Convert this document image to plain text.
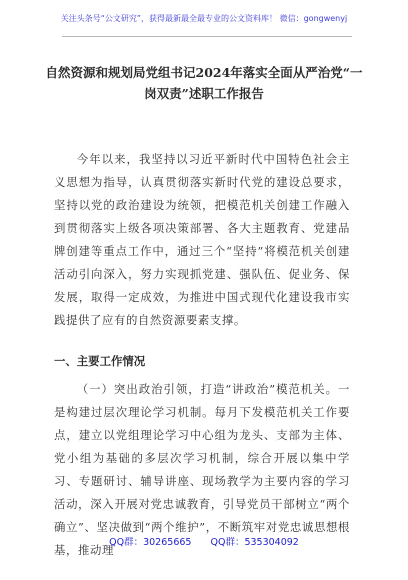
关注头条号“公文研究”，获得最新最全最专业的公文资料库！ 微信：gongwenyj
自然资源和规划局党组书记2024年落实全面从严治党“一岗双责”述职工作报告

今年以来，我坚持以习近平新时代中国特色社会主义思想为指导，认真贯彻落实新时代党的建设总要求，坚持以党的政治建设为统领，把模范机关创建工作融入到贯彻落实上级各项决策部署、各大主题教育、党建品牌创建等重点工作中，通过三个“坚持”将模范机关创建活动引向深入，努力实现抓党建、强队伍、促业务、保发展，取得一定成效，为推进中国式现代化建设我市实践提供了应有的自然资源要素支撑。

一、主要工作情况

（一）突出政治引领，打造“讲政治”模范机关。一是构建过层次理论学习机制。每月下发模范机关工作要点，建立以党组理论学习中心组为龙头、支部为主体、党小组为基础的多层次学习机制，综合开展以集中学习、专题研讨、辅导讲座、现场教学为主要内容的学习活动，深入开展对党忠诚教育，引导党员干部树立“两个确立”、坚决做到“两个维护”，不断筑牢对党忠诚思想根基，推动理

QQ群：30265665 QQ群：535304092
